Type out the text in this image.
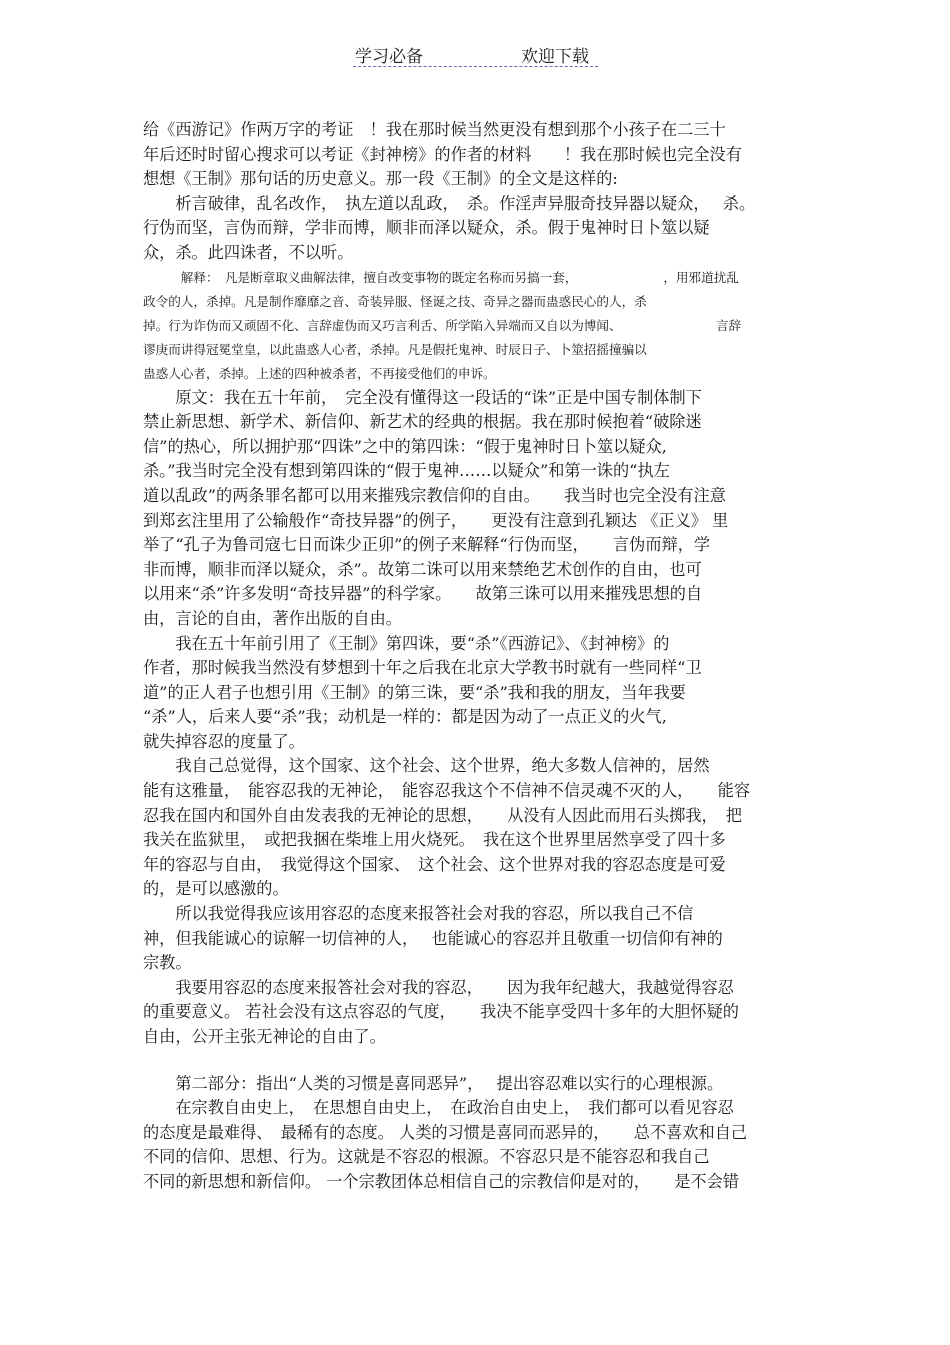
学习必备	欢迎下载

给《西游记》作两万字的考证　！我在那时候当然更没有想到那个小孩子在二三十

年后还时时留心搜求可以考证《封神榜》的作者的材料　　！我在那时候也完全没有

想想《王制》那句话的历史意义。那一段《王制》的全文是这样的:

　　析言破律，乱名改作，　执左道以乱政，　杀。作淫声异服奇技异器以疑众，　 杀。

行伪而坚，言伪而辩，学非而博，顺非而泽以疑众，杀。假于鬼神时日卜筮以疑

众，杀。此四诛者，不以听。

　　　解释：　凡是断章取义曲解法律，擅自改变事物的既定名称而另搞一套，　　　　　　　 ，用邪道扰乱

政令的人，杀掉。凡是制作靡靡之音、奇装异服、怪诞之技、奇异之器而蛊惑民心的人，杀

掉。行为诈伪而又顽固不化、言辞虚伪而又巧言利舌、所学陷入异端而又自以为博闻、　　　　　　　　言辞

谬庚而讲得冠冕堂皇，以此蛊惑人心者，杀掉。凡是假托鬼神、时辰日子、卜筮招摇撞骗以

蛊惑人心者，杀掉。上述的四种被杀者，不再接受他们的申诉。

　　原文：我在五十年前，　完全没有懂得这一段话的“诛”正是中国专制体制下

禁止新思想、新学术、新信仰、新艺术的经典的根据。我在那时候抱着“破除迷

信”的热心，所以拥护那“四诛”之中的第四诛：“假于鬼神时日卜筮以疑众,

杀。”我当时完全没有想到第四诛的“假于鬼神……以疑众”和第一诛的“执左

道以乱政”的两条罪名都可以用来摧残宗教信仰的自由。　　我当时也完全没有注意

到郑玄注里用了公输般作“奇技异器”的例子，　　更没有注意到孔颖达 《正义》 里

举了“孔子为鲁司寇七日而诛少正卯”的例子来解释“行伪而坚，　　言伪而辩，学

非而博，顺非而泽以疑众，杀”。故第二诛可以用来禁绝艺术创作的自由，也可

以用来“杀”许多发明“奇技异器”的科学家。　　故第三诛可以用来摧残思想的自

由，言论的自由，著作出版的自由。

　　我在五十年前引用了《王制》第四诛，要“杀”《西游记》、《封神榜》的

作者，那时候我当然没有梦想到十年之后我在北京大学教书时就有一些同样“卫

道”的正人君子也想引用《王制》的第三诛，要“杀”我和我的朋友，当年我要

“杀”人，后来人要“杀”我；动机是一样的：都是因为动了一点正义的火气,

就失掉容忍的度量了。

　　我自己总觉得，这个国家、这个社会、这个世界，绝大多数人信神的，居然

能有这雅量，　能容忍我的无神论，　能容忍我这个不信神不信灵魂不灭的人，　　能容

忍我在国内和国外自由发表我的无神论的思想，　　从没有人因此而用石头掷我，　把

我关在监狱里，　或把我捆在柴堆上用火烧死。　我在这个世界里居然享受了四十多

年的容忍与自由，　我觉得这个国家、　这个社会、这个世界对我的容忍态度是可爱

的，是可以感激的。

　　所以我觉得我应该用容忍的态度来报答社会对我的容忍，所以我自己不信

神，但我能诚心的谅解一切信神的人，　 也能诚心的容忍并且敬重一切信仰有神的

宗教。

　　我要用容忍的态度来报答社会对我的容忍，　　因为我年纪越大，我越觉得容忍

的重要意义。 若社会没有这点容忍的气度，　　我决不能享受四十多年的大胆怀疑的

自由，公开主张无神论的自由了。

　　第二部分：指出“人类的习惯是喜同恶异”，　 提出容忍难以实行的心理根源。

　　在宗教自由史上，　在思想自由史上，　在政治自由史上，　我们都可以看见容忍

的态度是最难得、　最稀有的态度。 人类的习惯是喜同而恶异的，　　总不喜欢和自己

不同的信仰、思想、行为。这就是不容忍的根源。不容忍只是不能容忍和我自己

不同的新思想和新信仰。 一个宗教团体总相信自己的宗教信仰是对的，　　是不会错
